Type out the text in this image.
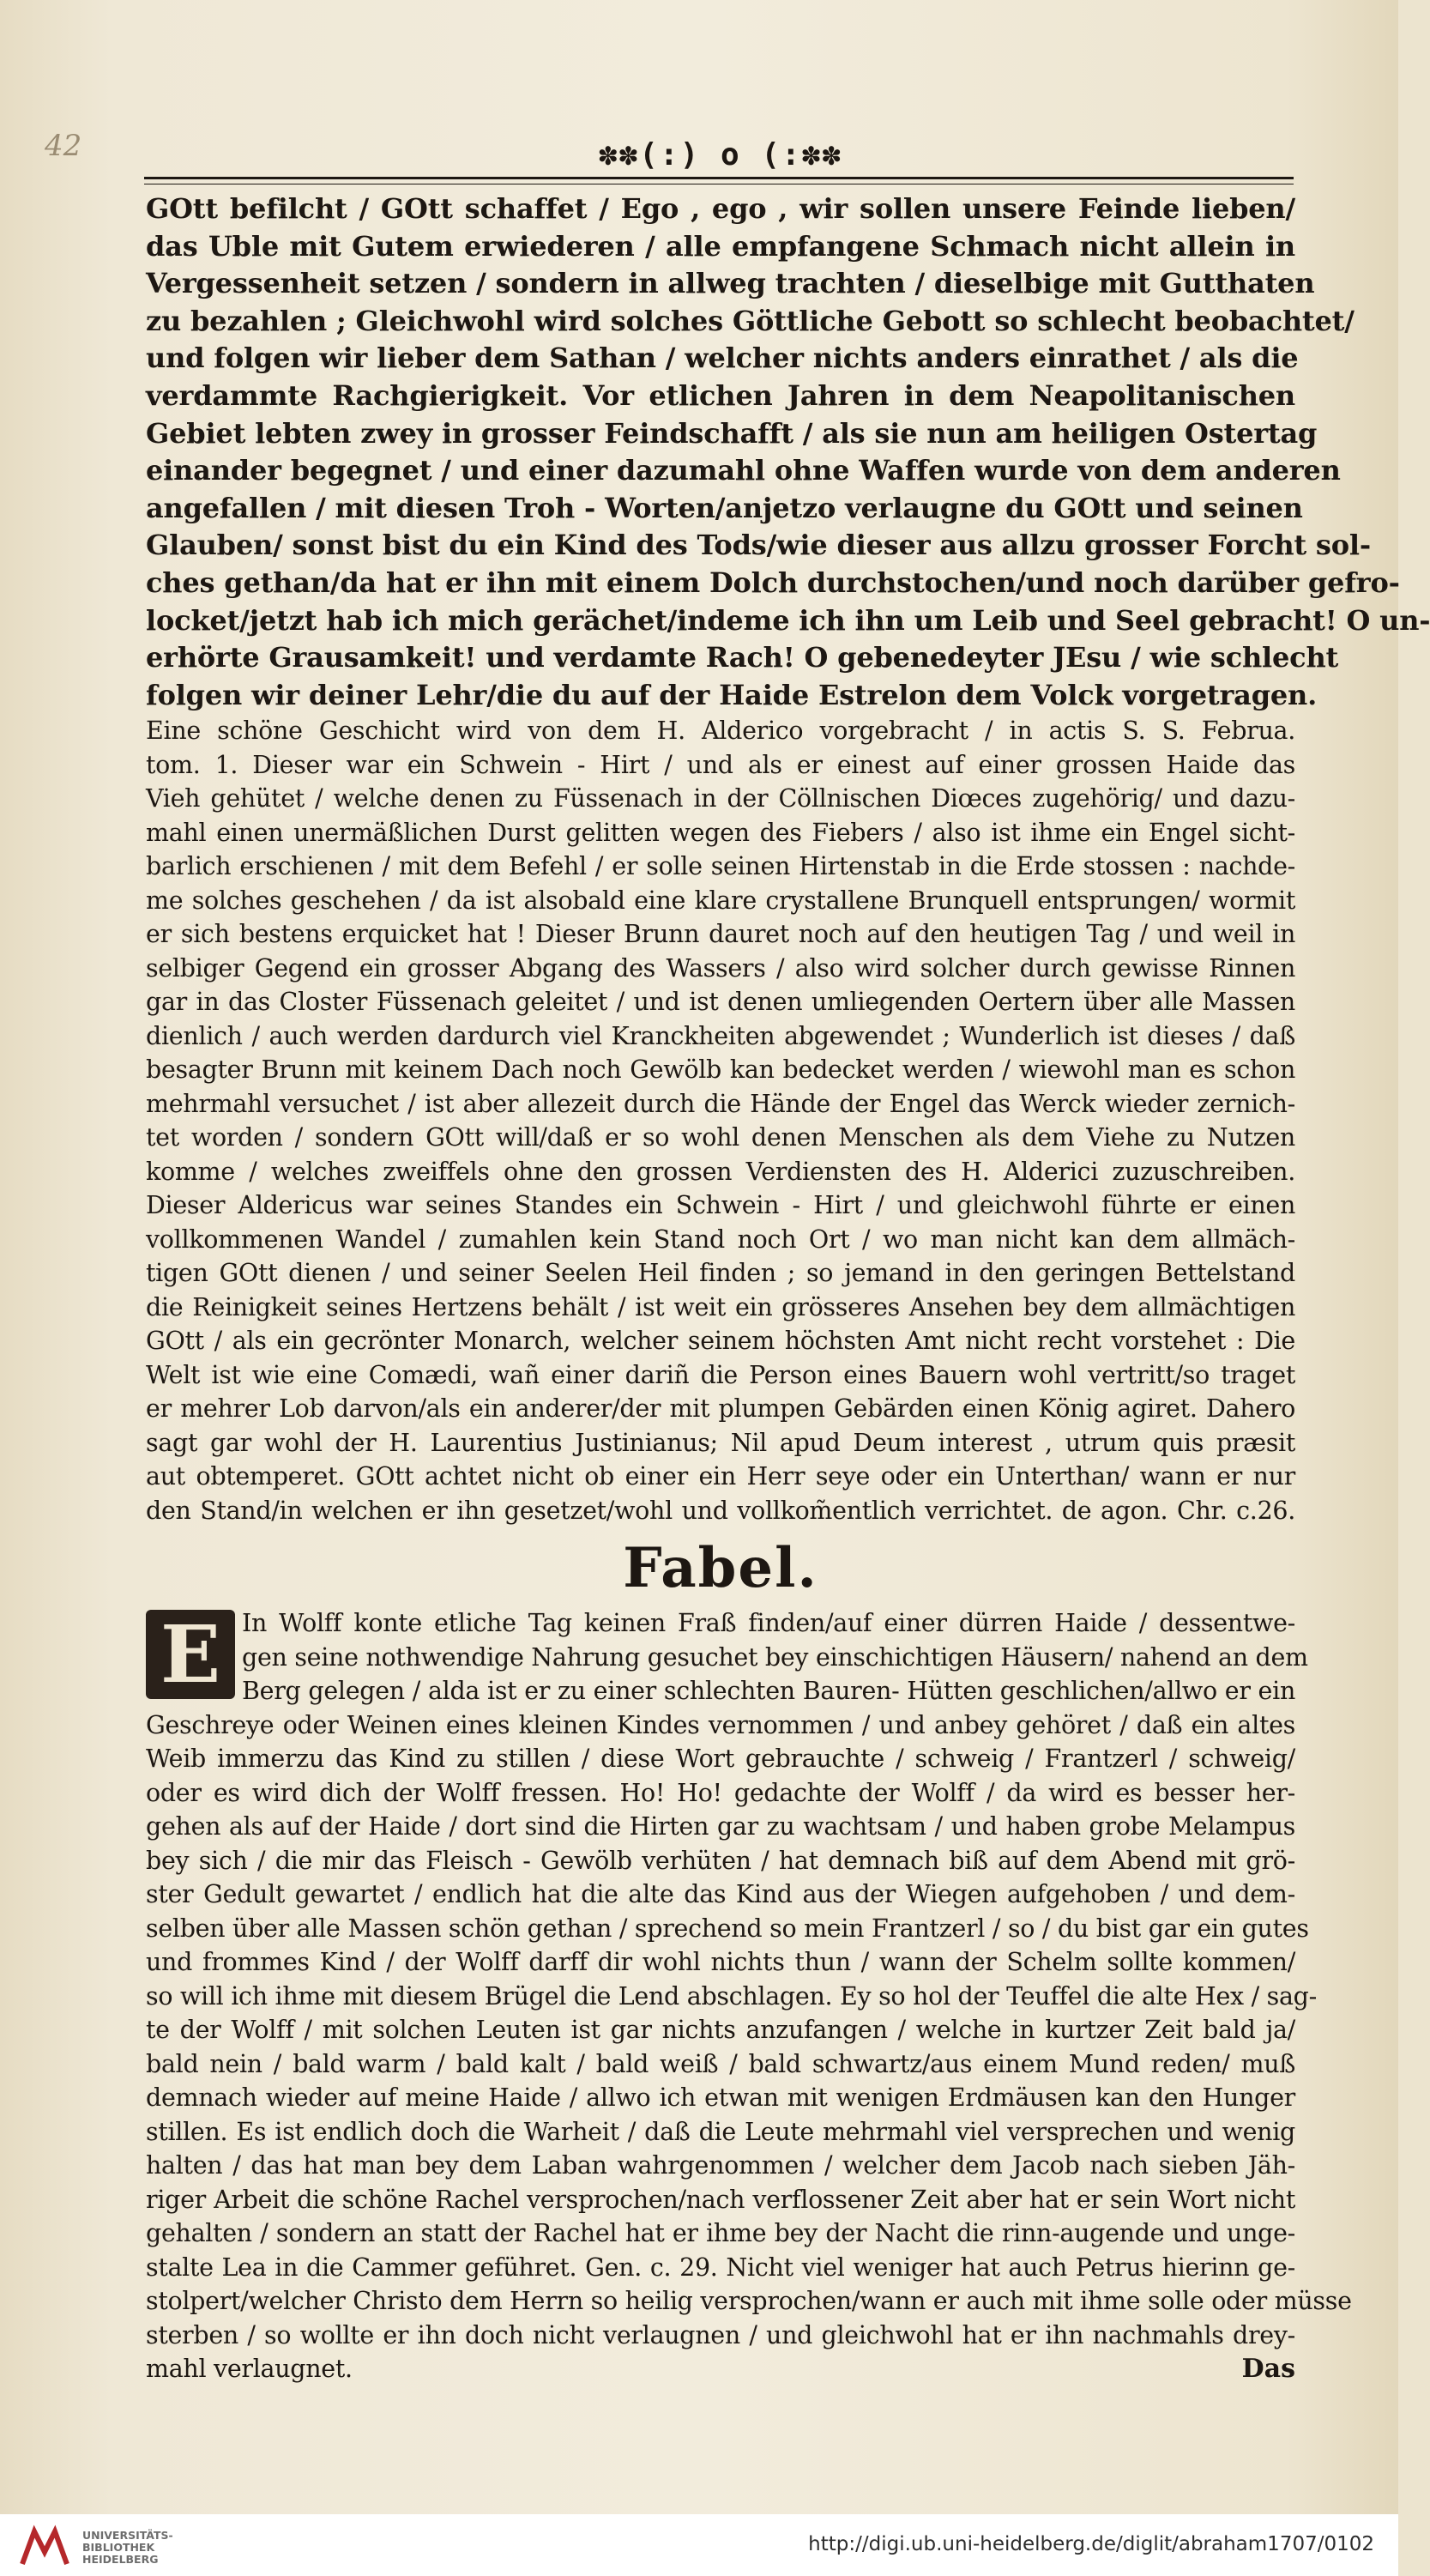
42	✽✽(:) o (:✽✽
GOtt befilcht / GOtt schaffet / Ego , ego , wir sollen unsere Feinde lieben/
das Uble mit Gutem erwiederen / alle empfangene Schmach nicht allein in
Vergessenheit setzen / sondern in allweg trachten / dieselbige mit Gutthaten
zu bezahlen ; Gleichwohl wird solches Göttliche Gebott so schlecht beobachtet/
und folgen wir lieber dem Sathan / welcher nichts anders einrathet / als die
verdammte Rachgierigkeit. Vor etlichen Jahren in dem Neapolitanischen
Gebiet lebten zwey in grosser Feindschafft / als sie nun am heiligen Ostertag
einander begegnet / und einer dazumahl ohne Waffen wurde von dem anderen
angefallen / mit diesen Troh - Worten/anjetzo verlaugne du GOtt und seinen
Glauben/ sonst bist du ein Kind des Tods/wie dieser aus allzu grosser Forcht sol-
ches gethan/da hat er ihn mit einem Dolch durchstochen/und noch darüber gefro-
locket/jetzt hab ich mich gerächet/indeme ich ihn um Leib und Seel gebracht! O un-
erhörte Grausamkeit! und verdamte Rach! O gebenedeyter JEsu / wie schlecht
folgen wir deiner Lehr/die du auf der Haide Estrelon dem Volck vorgetragen.
Eine schöne Geschicht wird von dem H. Alderico vorgebracht / in actis S. S. Februa.
tom. 1. Dieser war ein Schwein - Hirt / und als er einest auf einer grossen Haide das
Vieh gehütet / welche denen zu Füssenach in der Cöllnischen Diœces zugehörig/ und dazu-
mahl einen unermäßlichen Durst gelitten wegen des Fiebers / also ist ihme ein Engel sicht-
barlich erschienen / mit dem Befehl / er solle seinen Hirtenstab in die Erde stossen : nachde-
me solches geschehen / da ist alsobald eine klare crystallene Brunquell entsprungen/ wormit
er sich bestens erquicket hat ! Dieser Brunn dauret noch auf den heutigen Tag / und weil in
selbiger Gegend ein grosser Abgang des Wassers / also wird solcher durch gewisse Rinnen
gar in das Closter Füssenach geleitet / und ist denen umliegenden Oertern über alle Massen
dienlich / auch werden dardurch viel Kranckheiten abgewendet ; Wunderlich ist dieses / daß
besagter Brunn mit keinem Dach noch Gewölb kan bedecket werden / wiewohl man es schon
mehrmahl versuchet / ist aber allezeit durch die Hände der Engel das Werck wieder zernich-
tet worden / sondern GOtt will/daß er so wohl denen Menschen als dem Viehe zu Nutzen
komme / welches zweiffels ohne den grossen Verdiensten des H. Alderici zuzuschreiben.
Dieser Aldericus war seines Standes ein Schwein - Hirt / und gleichwohl führte er einen
vollkommenen Wandel / zumahlen kein Stand noch Ort / wo man nicht kan dem allmäch-
tigen GOtt dienen / und seiner Seelen Heil finden ; so jemand in den geringen Bettelstand
die Reinigkeit seines Hertzens behält / ist weit ein grösseres Ansehen bey dem allmächtigen
GOtt / als ein gecrönter Monarch, welcher seinem höchsten Amt nicht recht vorstehet : Die
Welt ist wie eine Comædi, wañ einer dariñ die Person eines Bauern wohl vertritt/so traget
er mehrer Lob darvon/als ein anderer/der mit plumpen Gebärden einen König agiret. Dahero
sagt gar wohl der H. Laurentius Justinianus; Nil apud Deum interest , utrum quis præsit
aut obtemperet. GOtt achtet nicht ob einer ein Herr seye oder ein Unterthan/ wann er nur
den Stand/in welchen er ihn gesetzet/wohl und vollkom̃entlich verrichtet. de agon. Chr. c.26.
Fabel.
E In Wolff konte etliche Tag keinen Fraß finden/auf einer dürren Haide / dessentwe-
gen seine nothwendige Nahrung gesuchet bey einschichtigen Häusern/ nahend an dem
Berg gelegen / alda ist er zu einer schlechten Bauren- Hütten geschlichen/allwo er ein
Geschreye oder Weinen eines kleinen Kindes vernommen / und anbey gehöret / daß ein altes
Weib immerzu das Kind zu stillen / diese Wort gebrauchte / schweig / Frantzerl / schweig/
oder es wird dich der Wolff fressen. Ho! Ho! gedachte der Wolff / da wird es besser her-
gehen als auf der Haide / dort sind die Hirten gar zu wachtsam / und haben grobe Melampus
bey sich / die mir das Fleisch - Gewölb verhüten / hat demnach biß auf dem Abend mit grö-
ster Gedult gewartet / endlich hat die alte das Kind aus der Wiegen aufgehoben / und dem-
selben über alle Massen schön gethan / sprechend so mein Frantzerl / so / du bist gar ein gutes
und frommes Kind / der Wolff darff dir wohl nichts thun / wann der Schelm sollte kommen/
so will ich ihme mit diesem Brügel die Lend abschlagen. Ey so hol der Teuffel die alte Hex / sag-
te der Wolff / mit solchen Leuten ist gar nichts anzufangen / welche in kurtzer Zeit bald ja/
bald nein / bald warm / bald kalt / bald weiß / bald schwartz/aus einem Mund reden/ muß
demnach wieder auf meine Haide / allwo ich etwan mit wenigen Erdmäusen kan den Hunger
stillen. Es ist endlich doch die Warheit / daß die Leute mehrmahl viel versprechen und wenig
halten / das hat man bey dem Laban wahrgenommen / welcher dem Jacob nach sieben Jäh-
riger Arbeit die schöne Rachel versprochen/nach verflossener Zeit aber hat er sein Wort nicht
gehalten / sondern an statt der Rachel hat er ihme bey der Nacht die rinn-augende und unge-
stalte Lea in die Cammer geführet. Gen. c. 29. Nicht viel weniger hat auch Petrus hierinn ge-
stolpert/welcher Christo dem Herrn so heilig versprochen/wann er auch mit ihme solle oder müsse
sterben / so wollte er ihn doch nicht verlaugnen / und gleichwohl hat er ihn nachmahls drey-
Das
mahl verlaugnet.
UNIVERSITÄTS-
BIBLIOTHEK
HEIDELBERG
http://digi.ub.uni-heidelberg.de/diglit/abraham1707/0102
